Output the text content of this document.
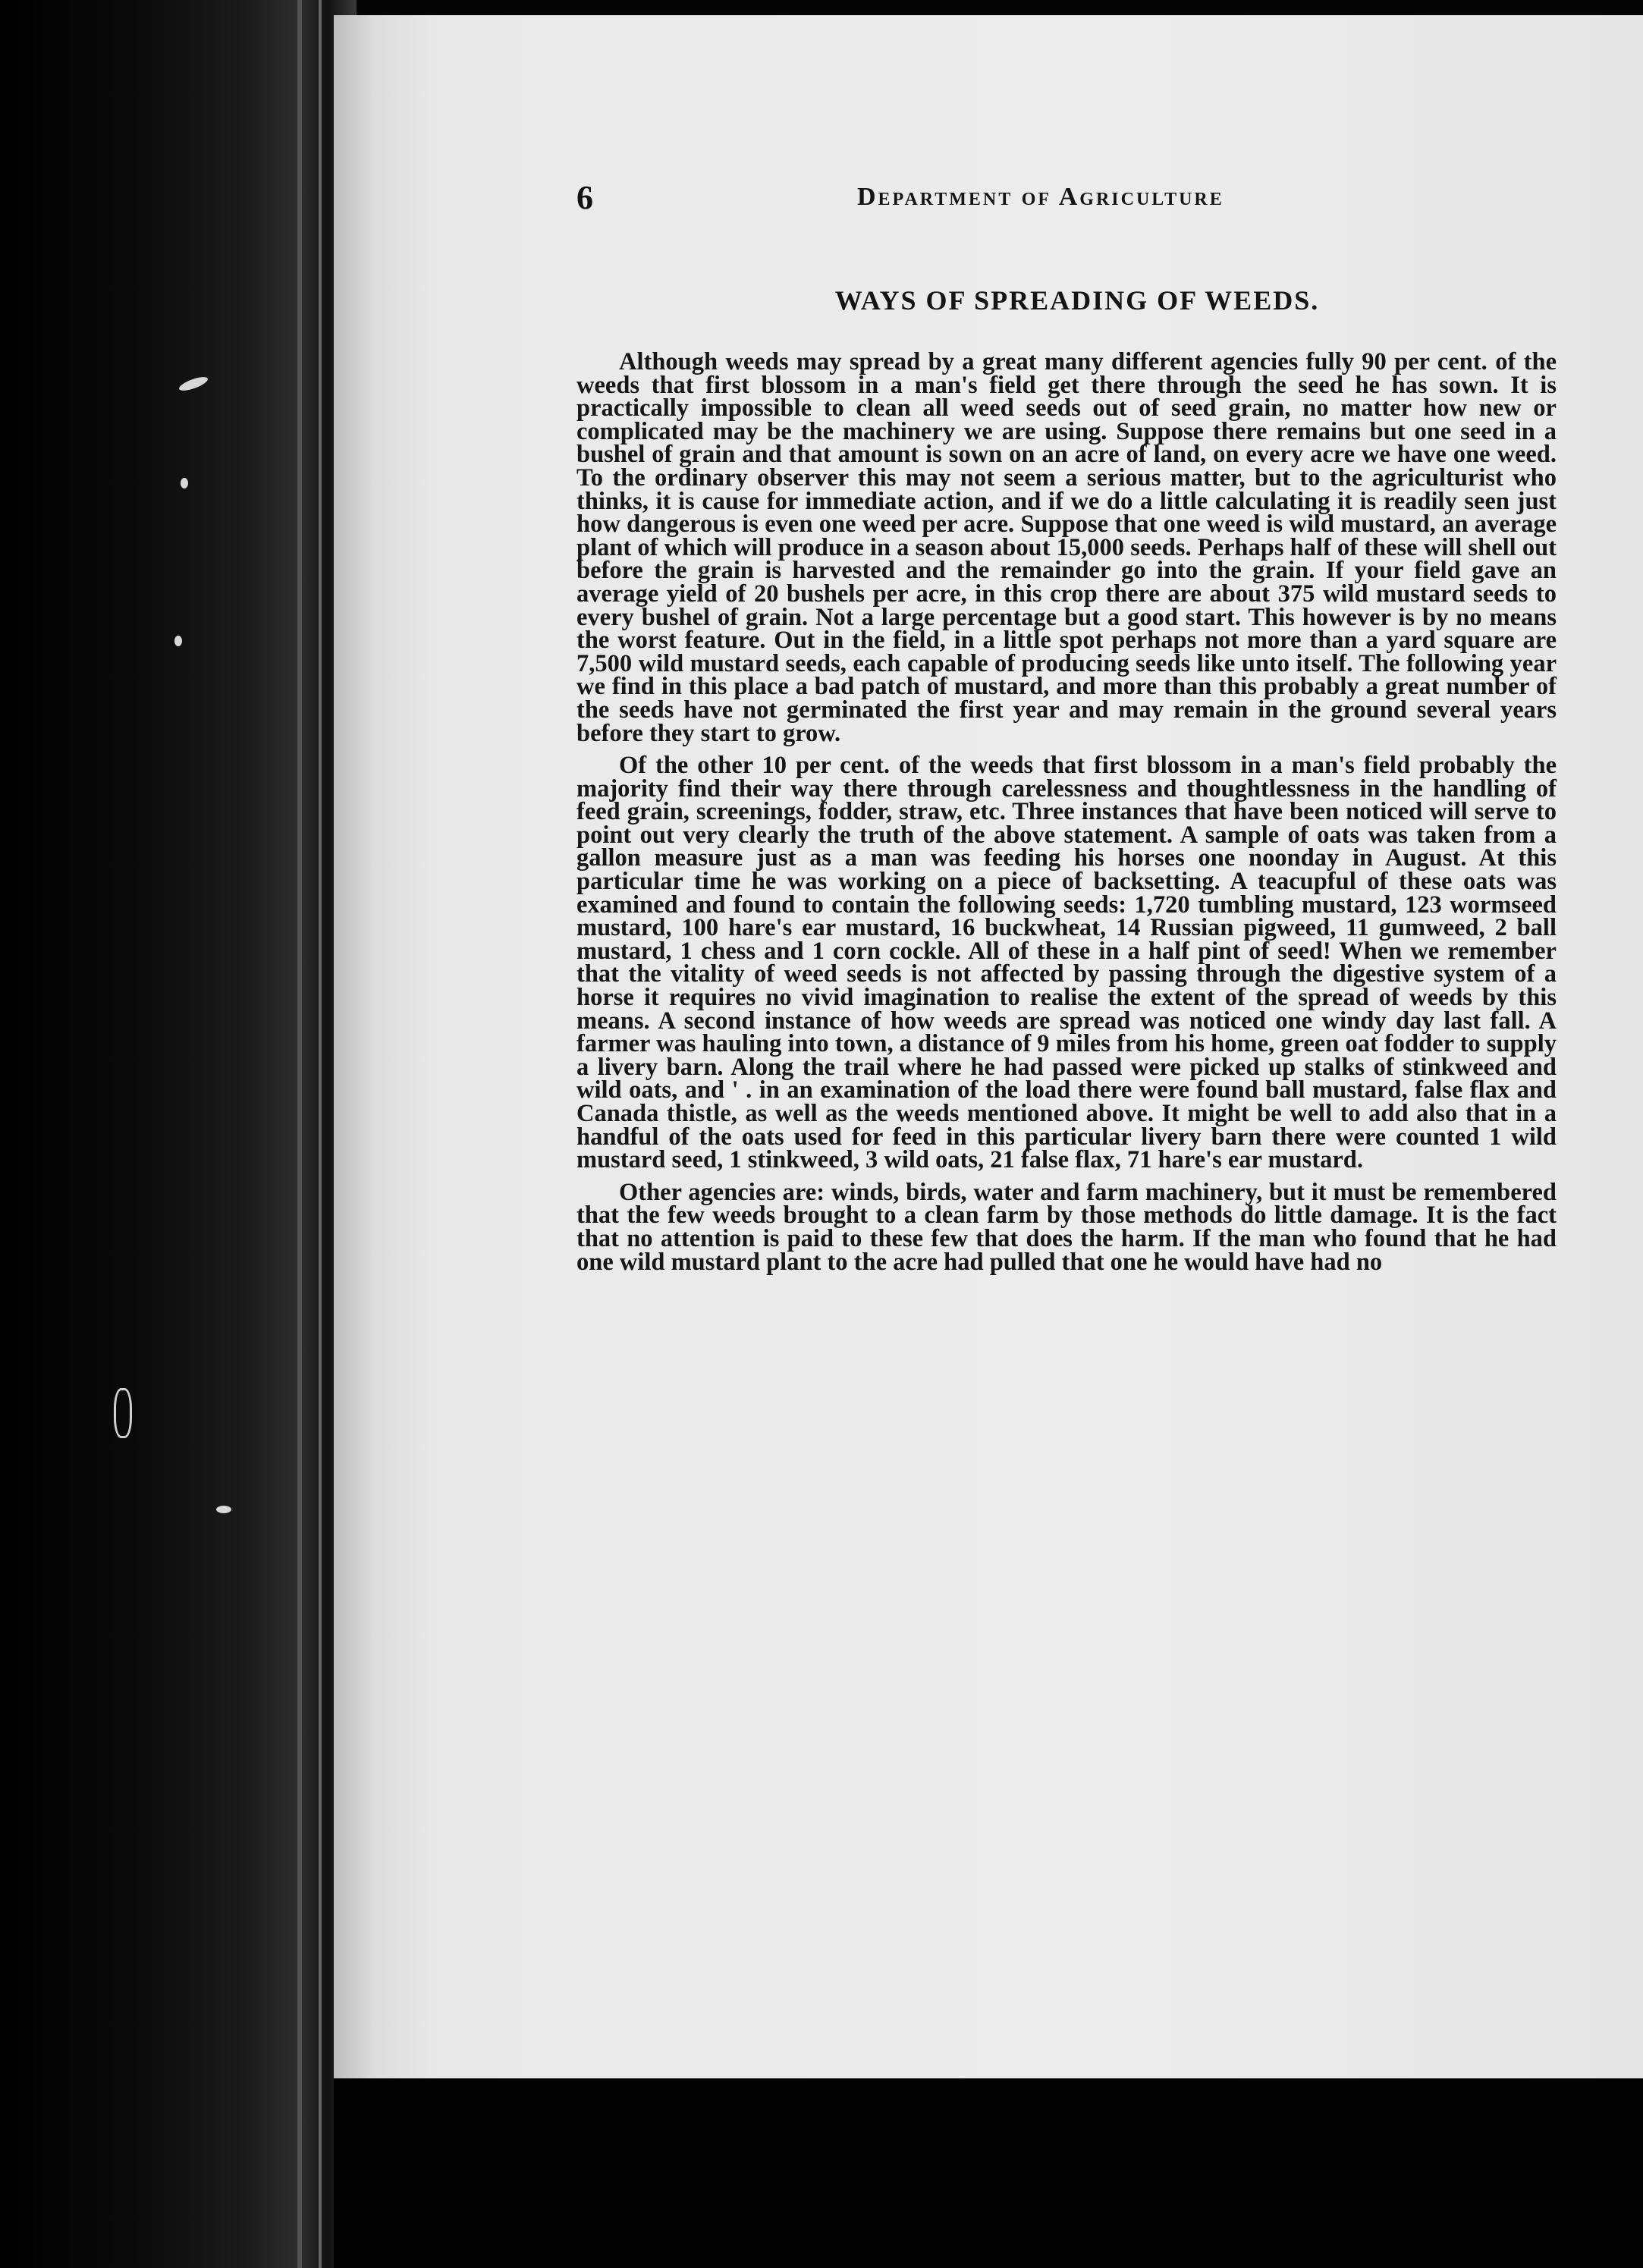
6	Department of Agriculture
WAYS OF SPREADING OF WEEDS.

Although weeds may spread by a great many different agencies fully 90 per cent. of the weeds that first blossom in a man's field get there through the seed he has sown. It is practically impossible to clean all weed seeds out of seed grain, no matter how new or complicated may be the machinery we are using. Suppose there remains but one seed in a bushel of grain and that amount is sown on an acre of land, on every acre we have one weed. To the ordinary observer this may not seem a serious matter, but to the agriculturist who thinks, it is cause for immediate action, and if we do a little calculating it is readily seen just how dangerous is even one weed per acre. Suppose that one weed is wild mustard, an average plant of which will produce in a season about 15,000 seeds. Perhaps half of these will shell out before the grain is harvested and the remainder go into the grain. If your field gave an average yield of 20 bushels per acre, in this crop there are about 375 wild mustard seeds to every bushel of grain. Not a large percentage but a good start. This however is by no means the worst feature. Out in the field, in a little spot perhaps not more than a yard square are 7,500 wild mustard seeds, each capable of producing seeds like unto itself. The following year we find in this place a bad patch of mustard, and more than this probably a great number of the seeds have not germinated the first year and may remain in the ground several years before they start to grow.

Of the other 10 per cent. of the weeds that first blossom in a man's field probably the majority find their way there through carelessness and thoughtlessness in the handling of feed grain, screenings, fodder, straw, etc. Three instances that have been noticed will serve to point out very clearly the truth of the above statement. A sample of oats was taken from a gallon measure just as a man was feeding his horses one noonday in August. At this particular time he was working on a piece of backsetting. A teacupful of these oats was examined and found to contain the following seeds: 1,720 tumbling mustard, 123 wormseed mustard, 100 hare's ear mustard, 16 buckwheat, 14 Russian pigweed, 11 gumweed, 2 ball mustard, 1 chess and 1 corn cockle. All of these in a half pint of seed! When we remember that the vitality of weed seeds is not affected by passing through the digestive system of a horse it requires no vivid imagination to realise the extent of the spread of weeds by this means. A second instance of how weeds are spread was noticed one windy day last fall. A farmer was hauling into town, a distance of 9 miles from his home, green oat fodder to supply a livery barn. Along the trail where he had passed were picked up stalks of stinkweed and wild oats, and ' . in an examination of the load there were found ball mustard, false flax and Canada thistle, as well as the weeds mentioned above. It might be well to add also that in a handful of the oats used for feed in this particular livery barn there were counted 1 wild mustard seed, 1 stinkweed, 3 wild oats, 21 false flax, 71 hare's ear mustard.

Other agencies are: winds, birds, water and farm machinery, but it must be remembered that the few weeds brought to a clean farm by those methods do little damage. It is the fact that no attention is paid to these few that does the harm. If the man who found that he had one wild mustard plant to the acre had pulled that one he would have had no
